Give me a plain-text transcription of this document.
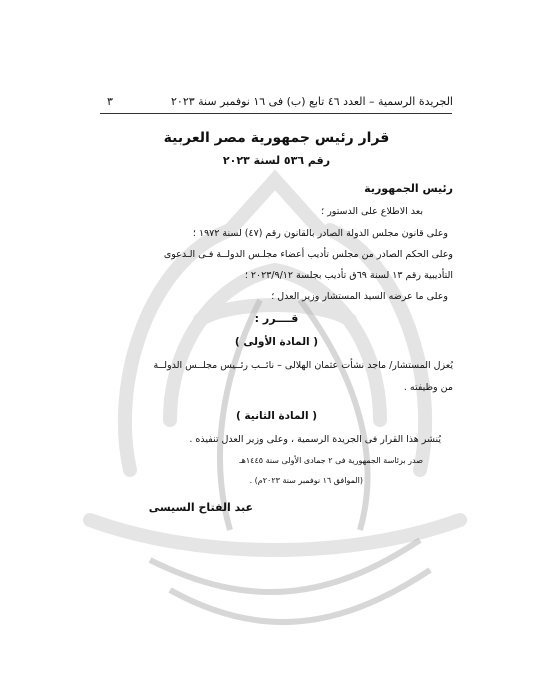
الجريدة الرسمية – العدد ٤٦ تابع (ب) فى ١٦ نوفمبر سنة ٢٠٢٣
٣
قرار رئيس جمهورية مصر العربية
رقم ٥٣٦ لسنة ٢٠٢٣
رئيس الجمهورية
بعد الاطلاع على الدستور ؛
وعلى قانون مجلس الدولة الصادر بالقانون رقم (٤٧) لسنة ١٩٧٢ ؛
وعلى الحكم الصادر من مجلس تأديب أعضاء مجلـس الدولــة فـى الـدعوى
التأديبية رقم ١٣ لسنة ٦٩ق تأديب بجلسة ٢٠٢٣/٩/١٢ ؛
وعلى ما عرضه السيد المستشار وزير العدل ؛
قــــرر :
( المادة الأولى )
يُعزل المستشار/ ماجد نشأت عثمان الهلالى – نائــب رئــيس مجلــس الدولــة
من وظيفته .
( المادة الثانية )
يُنشر هذا القرار فى الجريدة الرسمية ، وعلى وزير العدل تنفيذه .
صدر برئاسة الجمهورية فى ٢ جمادى الأولى سنة ١٤٤٥هـ
(الموافق ١٦ نوفمبر سنة ٢٠٢٣م) .
عبد الفتاح السيسى
